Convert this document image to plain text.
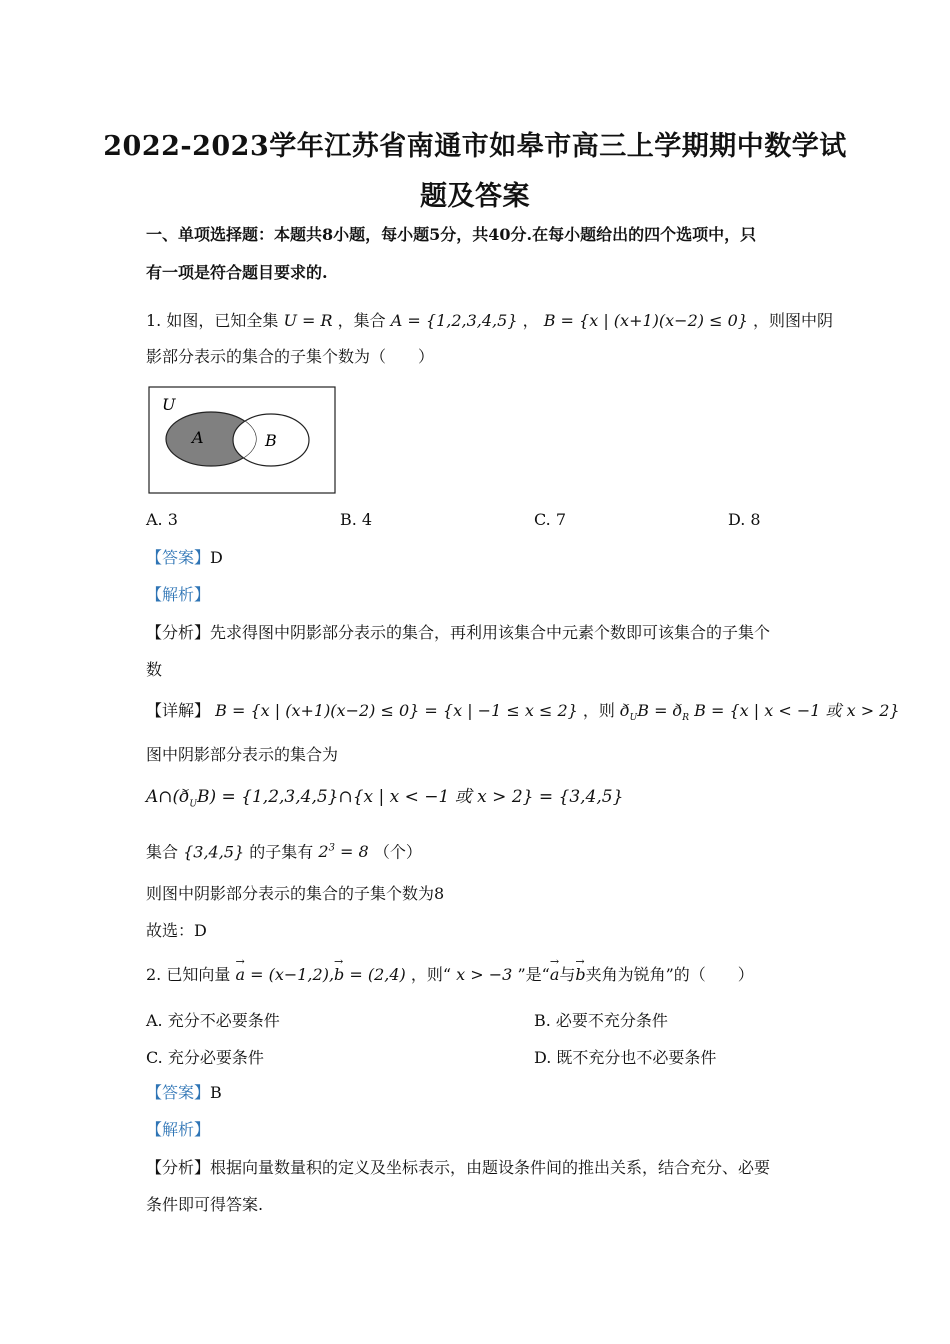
2022-2023学年江苏省南通市如皋市高三上学期期中数学试
题及答案
一、单项选择题：本题共8小题，每小题5分，共40分.在每小题给出的四个选项中，只
有一项是符合题目要求的.
1. 如图，已知全集 U = R ，集合 A = {1,2,3,4,5} ， B = {x | (x+1)(x−2) ≤ 0} ，则图中阴
影部分表示的集合的子集个数为（　　）
U
A	B
A. 3	B. 4	C. 7	D. 8
【答案】D
【解析】
【分析】先求得图中阴影部分表示的集合，再利用该集合中元素个数即可该集合的子集个
数
【详解】 B = {x | (x+1)(x−2) ≤ 0} = {x | −1 ≤ x ≤ 2} ，则 $ð_UB$ = $ð_R$ B = {x | x < −1 或 x > 2}
图中阴影部分表示的集合为
$A\cap(ð_UB)$ = {1,2,3,4,5}∩{x | x < −1 或 x > 2} = {3,4,5}
集合 {3,4,5} 的子集有 $2^3 = 8$ （个）
则图中阴影部分表示的集合的子集个数为8
故选：D
2. 已知向量 → a = (x−1,2),→ b = (2,4) ，则“ x > −3 ”是“→ a与→ b夹角为锐角”的（　　）
A. 充分不必要条件	B. 必要不充分条件
C. 充分必要条件	D. 既不充分也不必要条件
【答案】B
【解析】
【分析】根据向量数量积的定义及坐标表示，由题设条件间的推出关系，结合充分、必要
条件即可得答案.
